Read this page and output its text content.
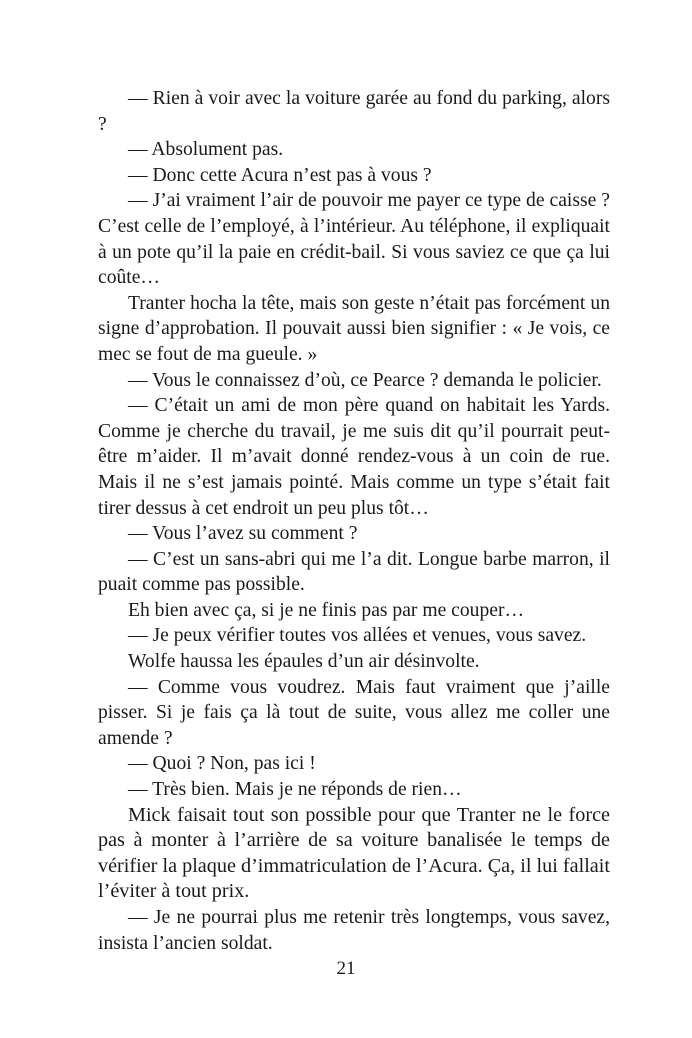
— Rien à voir avec la voiture garée au fond du parking, alors ?

— Absolument pas.

— Donc cette Acura n’est pas à vous ?

— J’ai vraiment l’air de pouvoir me payer ce type de caisse ? C’est celle de l’employé, à l’intérieur. Au téléphone, il expliquait à un pote qu’il la paie en crédit-bail. Si vous saviez ce que ça lui coûte…

Tranter hocha la tête, mais son geste n’était pas forcément un signe d’approbation. Il pouvait aussi bien signifier : « Je vois, ce mec se fout de ma gueule. »

— Vous le connaissez d’où, ce Pearce ? demanda le policier.

— C’était un ami de mon père quand on habitait les Yards. Comme je cherche du travail, je me suis dit qu’il pourrait peut-être m’aider. Il m’avait donné rendez-vous à un coin de rue. Mais il ne s’est jamais pointé. Mais comme un type s’était fait tirer dessus à cet endroit un peu plus tôt…

— Vous l’avez su comment ?

— C’est un sans-abri qui me l’a dit. Longue barbe marron, il puait comme pas possible.

Eh bien avec ça, si je ne finis pas par me couper…

— Je peux vérifier toutes vos allées et venues, vous savez.

Wolfe haussa les épaules d’un air désinvolte.

— Comme vous voudrez. Mais faut vraiment que j’aille pisser. Si je fais ça là tout de suite, vous allez me coller une amende ?

— Quoi ? Non, pas ici !

— Très bien. Mais je ne réponds de rien…

Mick faisait tout son possible pour que Tranter ne le force pas à monter à l’arrière de sa voiture banalisée le temps de vérifier la plaque d’immatriculation de l’Acura. Ça, il lui fallait l’éviter à tout prix.

— Je ne pourrai plus me retenir très longtemps, vous savez, insista l’ancien soldat.

21
